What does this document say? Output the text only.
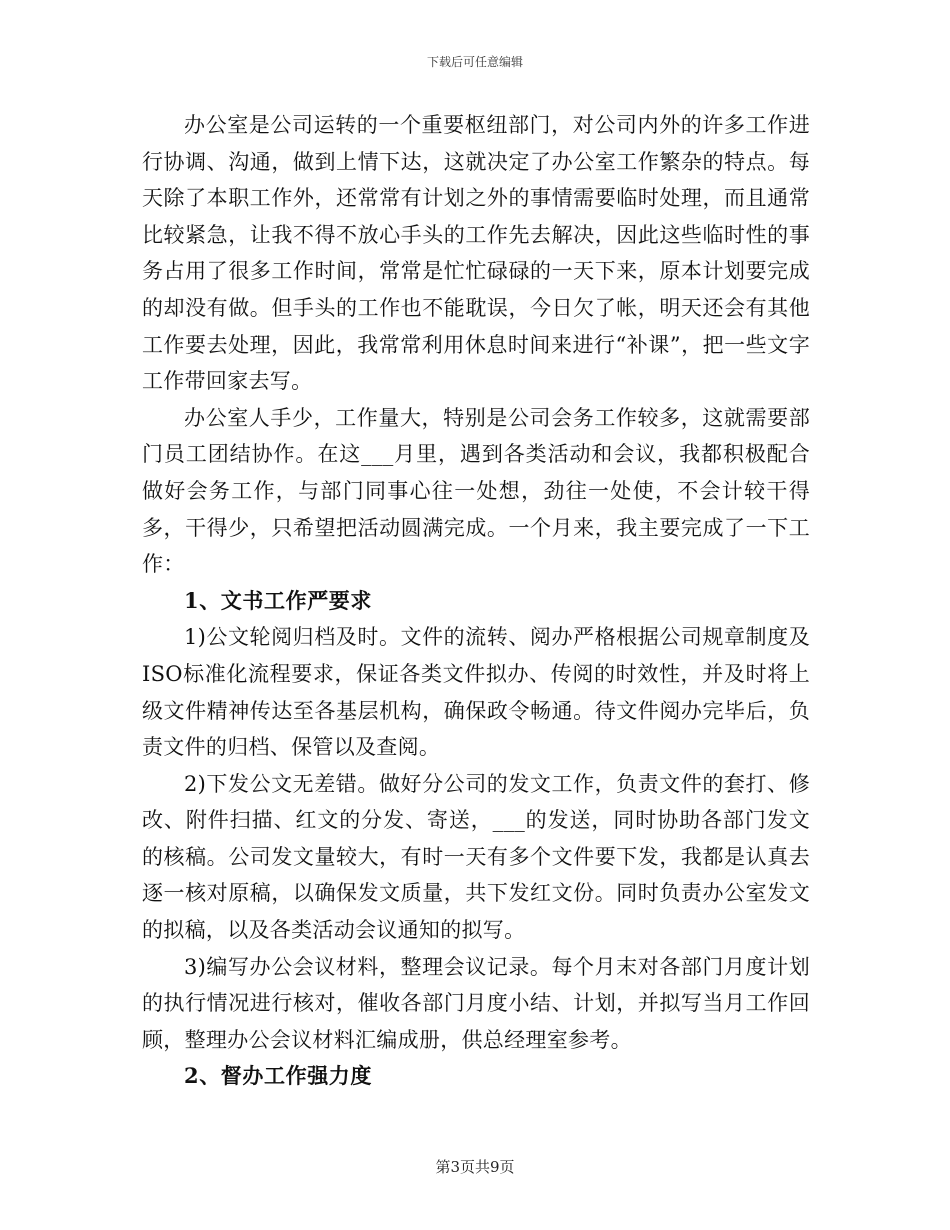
下载后可任意编辑

办公室是公司运转的一个重要枢纽部门，对公司内外的许多工作进行协调、沟通，做到上情下达，这就决定了办公室工作繁杂的特点。每天除了本职工作外，还常常有计划之外的事情需要临时处理，而且通常比较紧急，让我不得不放心手头的工作先去解决，因此这些临时性的事务占用了很多工作时间，常常是忙忙碌碌的一天下来，原本计划要完成的却没有做。但手头的工作也不能耽误，今日欠了帐，明天还会有其他工作要去处理，因此，我常常利用休息时间来进行“补课”，把一些文字工作带回家去写。

办公室人手少，工作量大，特别是公司会务工作较多，这就需要部门员工团结协作。在这___月里，遇到各类活动和会议，我都积极配合做好会务工作，与部门同事心往一处想，劲往一处使，不会计较干得多，干得少，只希望把活动圆满完成。一个月来，我主要完成了一下工作：

1、文书工作严要求

1)公文轮阅归档及时。文件的流转、阅办严格根据公司规章制度及ISO标准化流程要求，保证各类文件拟办、传阅的时效性，并及时将上级文件精神传达至各基层机构，确保政令畅通。待文件阅办完毕后，负责文件的归档、保管以及查阅。

2)下发公文无差错。做好分公司的发文工作，负责文件的套打、修改、附件扫描、红文的分发、寄送，___的发送，同时协助各部门发文的核稿。公司发文量较大，有时一天有多个文件要下发，我都是认真去逐一核对原稿，以确保发文质量，共下发红文份。同时负责办公室发文的拟稿，以及各类活动会议通知的拟写。

3)编写办公会议材料，整理会议记录。每个月末对各部门月度计划的执行情况进行核对，催收各部门月度小结、计划，并拟写当月工作回顾，整理办公会议材料汇编成册，供总经理室参考。

2、督办工作强力度

第3页共9页
